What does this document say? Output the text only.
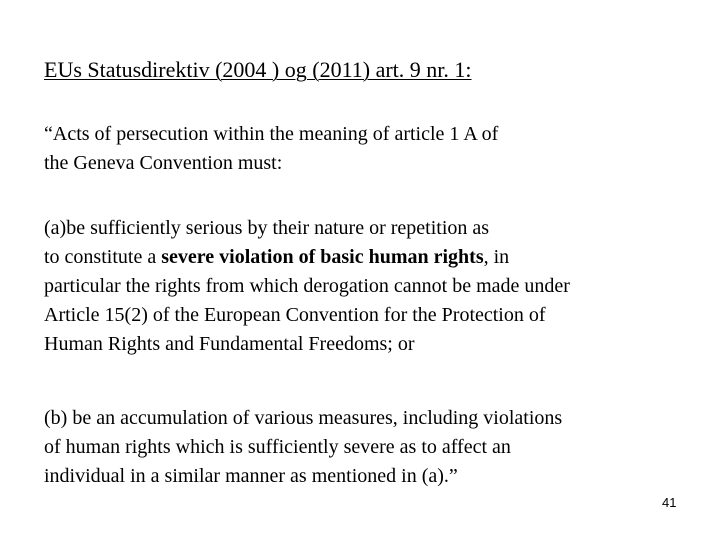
EUs Statusdirektiv (2004 ) og (2011) art. 9 nr. 1:
“Acts of persecution within the meaning of article 1 A of
the Geneva Convention must:
(a)be sufficiently serious by their nature or repetition as
to constitute a severe violation of basic human rights, in
particular the rights from which derogation cannot be made under
Article 15(2) of the European Convention for the Protection of
Human Rights and Fundamental Freedoms; or
(b) be an accumulation of various measures, including violations
of human rights which is sufficiently severe as to affect an
individual in a similar manner as mentioned in (a).”
41
